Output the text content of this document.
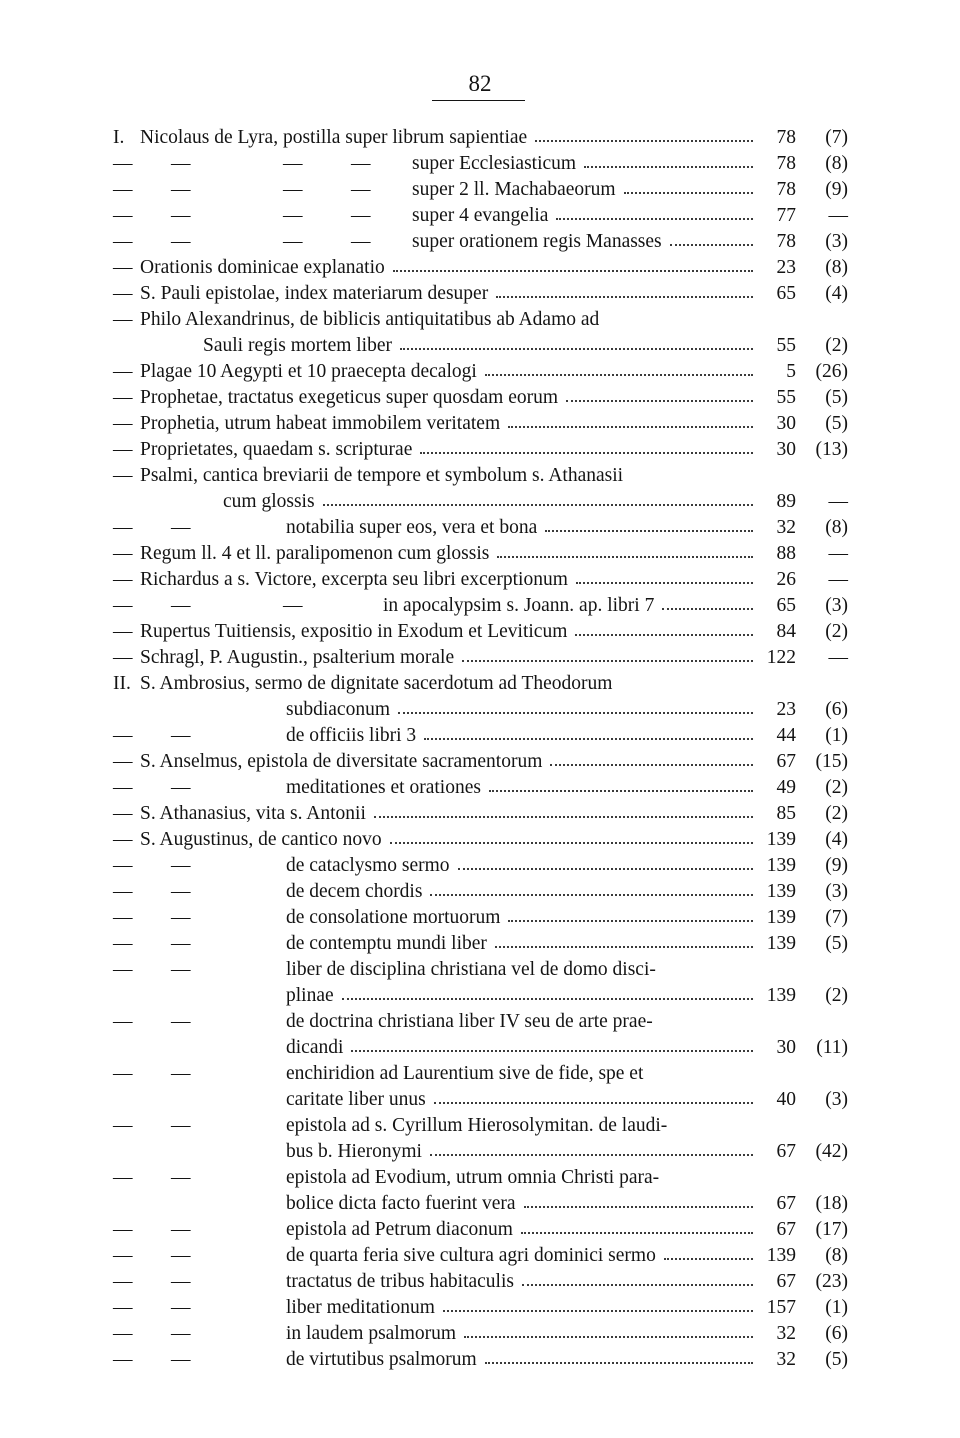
82
I. Nicolaus de Lyra, postilla super librum sapientiae	78 (7)
— —	— — super Ecclesiasticum	78 (8)
— —	— — super 2 ll. Machabaeorum	78 (9)
— —	— — super 4 evangelia	77 —
— —	— — super orationem regis Manasses	78 (3)
— Orationis dominicae explanatio	23 (8)
— S. Pauli epistolae, index materiarum desuper	65 (4)
— Philo Alexandrinus, de biblicis antiquitatibus ab Adamo ad
Sauli regis mortem liber	55 (2)
— Plagae 10 Aegypti et 10 praecepta decalogi	5 (26)
— Prophetae, tractatus exegeticus super quosdam eorum	55 (5)
— Prophetia, utrum habeat immobilem veritatem	30 (5)
— Proprietates, quaedam s. scripturae	30 (13)
— Psalmi, cantica breviarii de tempore et symbolum s. Athanasii
cum glossis	89 —
— —	notabilia super eos, vera et bona	32 (8)
— Regum ll. 4 et ll. paralipomenon cum glossis	88 —
— Richardus a s. Victore, excerpta seu libri excerptionum	26 —
— —	—	in apocalypsim s. Joann. ap. libri 7	65 (3)
— Rupertus Tuitiensis, expositio in Exodum et Leviticum	84 (2)
— Schragl, P. Augustin., psalterium morale	122 —
II. S. Ambrosius, sermo de dignitate sacerdotum ad Theodorum
subdiaconum	23 (6)
— —	de officiis libri 3	44 (1)
— S. Anselmus, epistola de diversitate sacramentorum	67 (15)
— —	meditationes et orationes	49 (2)
— S. Athanasius, vita s. Antonii	85 (2)
— S. Augustinus, de cantico novo	139 (4)
— —	de cataclysmo sermo	139 (9)
— —	de decem chordis	139 (3)
— —	de consolatione mortuorum	139 (7)
— —	de contemptu mundi liber	139 (5)
— —	liber de disciplina christiana vel de domo disci-
plinae	139 (2)
— —	de doctrina christiana liber IV seu de arte prae-
dicandi	30 (11)
— —	enchiridion ad Laurentium sive de fide, spe et
caritate liber unus	40 (3)
— —	epistola ad s. Cyrillum Hierosolymitan. de laudi-
bus b. Hieronymi	67 (42)
— —	epistola ad Evodium, utrum omnia Christi para-
bolice dicta facto fuerint vera	67 (18)
— —	epistola ad Petrum diaconum	67 (17)
— —	de quarta feria sive cultura agri dominici sermo	139 (8)
— —	tractatus de tribus habitaculis	67 (23)
— —	liber meditationum	157 (1)
— —	in laudem psalmorum	32 (6)
— —	de virtutibus psalmorum	32 (5)
